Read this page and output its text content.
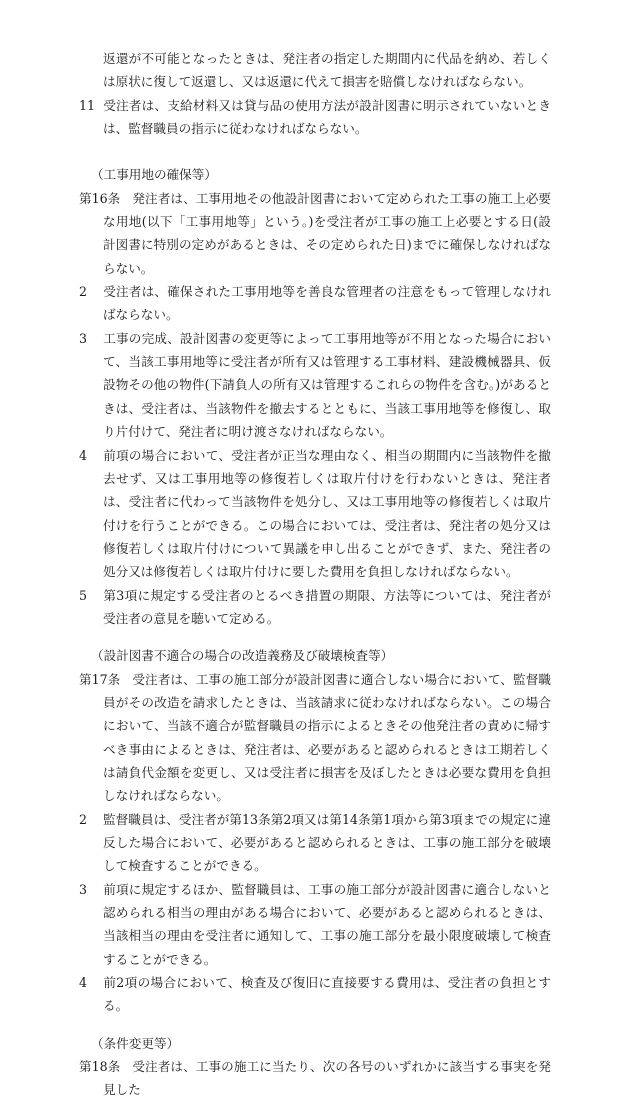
返還が不可能となったときは、発注者の指定した期間内に代品を納め、若しくは原状に復して返還し、又は返還に代えて損害を賠償しなければならない。

11 受注者は、支給材料又は貸与品の使用方法が設計図書に明示されていないときは、監督職員の指示に従わなければならない。

（工事用地の確保等）

第16条 発注者は、工事用地その他設計図書において定められた工事の施工上必要な用地(以下「工事用地等」という。)を受注者が工事の施工上必要とする日(設計図書に特別の定めがあるときは、その定められた日)までに確保しなければならない。

2 受注者は、確保された工事用地等を善良な管理者の注意をもって管理しなければならない。

3 工事の完成、設計図書の変更等によって工事用地等が不用となった場合において、当該工事用地等に受注者が所有又は管理する工事材料、建設機械器具、仮設物その他の物件(下請負人の所有又は管理するこれらの物件を含む。)があるときは、受注者は、当該物件を撤去するとともに、当該工事用地等を修復し、取り片付けて、発注者に明け渡さなければならない。

4 前項の場合において、受注者が正当な理由なく、相当の期間内に当該物件を撤去せず、又は工事用地等の修復若しくは取片付けを行わないときは、発注者は、受注者に代わって当該物件を処分し、又は工事用地等の修復若しくは取片付けを行うことができる。この場合においては、受注者は、発注者の処分又は修復若しくは取片付けについて異議を申し出ることができず、また、発注者の処分又は修復若しくは取片付けに要した費用を負担しなければならない。

5 第3項に規定する受注者のとるべき措置の期限、方法等については、発注者が受注者の意見を聴いて定める。

（設計図書不適合の場合の改造義務及び破壊検査等）

第17条 受注者は、工事の施工部分が設計図書に適合しない場合において、監督職員がその改造を請求したときは、当該請求に従わなければならない。この場合において、当該不適合が監督職員の指示によるときその他発注者の責めに帰すべき事由によるときは、発注者は、必要があると認められるときは工期若しくは請負代金額を変更し、又は受注者に損害を及ぼしたときは必要な費用を負担しなければならない。

2 監督職員は、受注者が第13条第2項又は第14条第1項から第3項までの規定に違反した場合において、必要があると認められるときは、工事の施工部分を破壊して検査することができる。

3 前項に規定するほか、監督職員は、工事の施工部分が設計図書に適合しないと認められる相当の理由がある場合において、必要があると認められるときは、当該相当の理由を受注者に通知して、工事の施工部分を最小限度破壊して検査することができる。

4 前2項の場合において、検査及び復旧に直接要する費用は、受注者の負担とする。

（条件変更等）

第18条 受注者は、工事の施工に当たり、次の各号のいずれかに該当する事実を発見した
